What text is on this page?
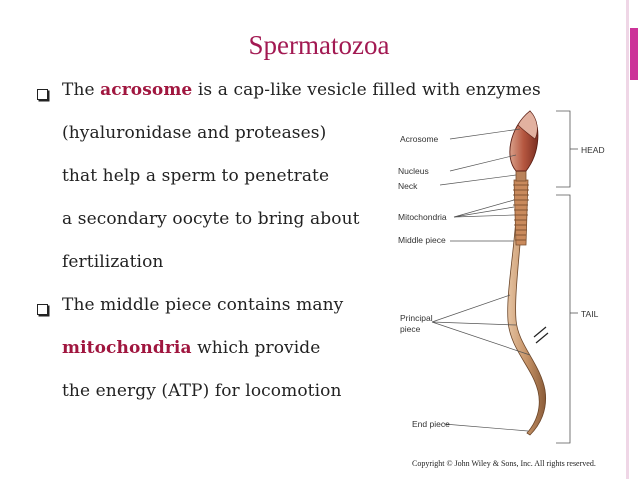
Spermatozoa
The acrosome is a cap-like vesicle filled with enzymes
(hyaluronidase and proteases)
that help a sperm to penetrate
a secondary oocyte to bring about
fertilization
The middle piece contains many
mitochondria which provide
the energy (ATP) for locomotion
Acrosome
Nucleus
Neck
Mitochondria
Middle piece
Principal
piece
End piece
HEAD
TAIL
Copyright © John Wiley & Sons, Inc. All rights reserved.
